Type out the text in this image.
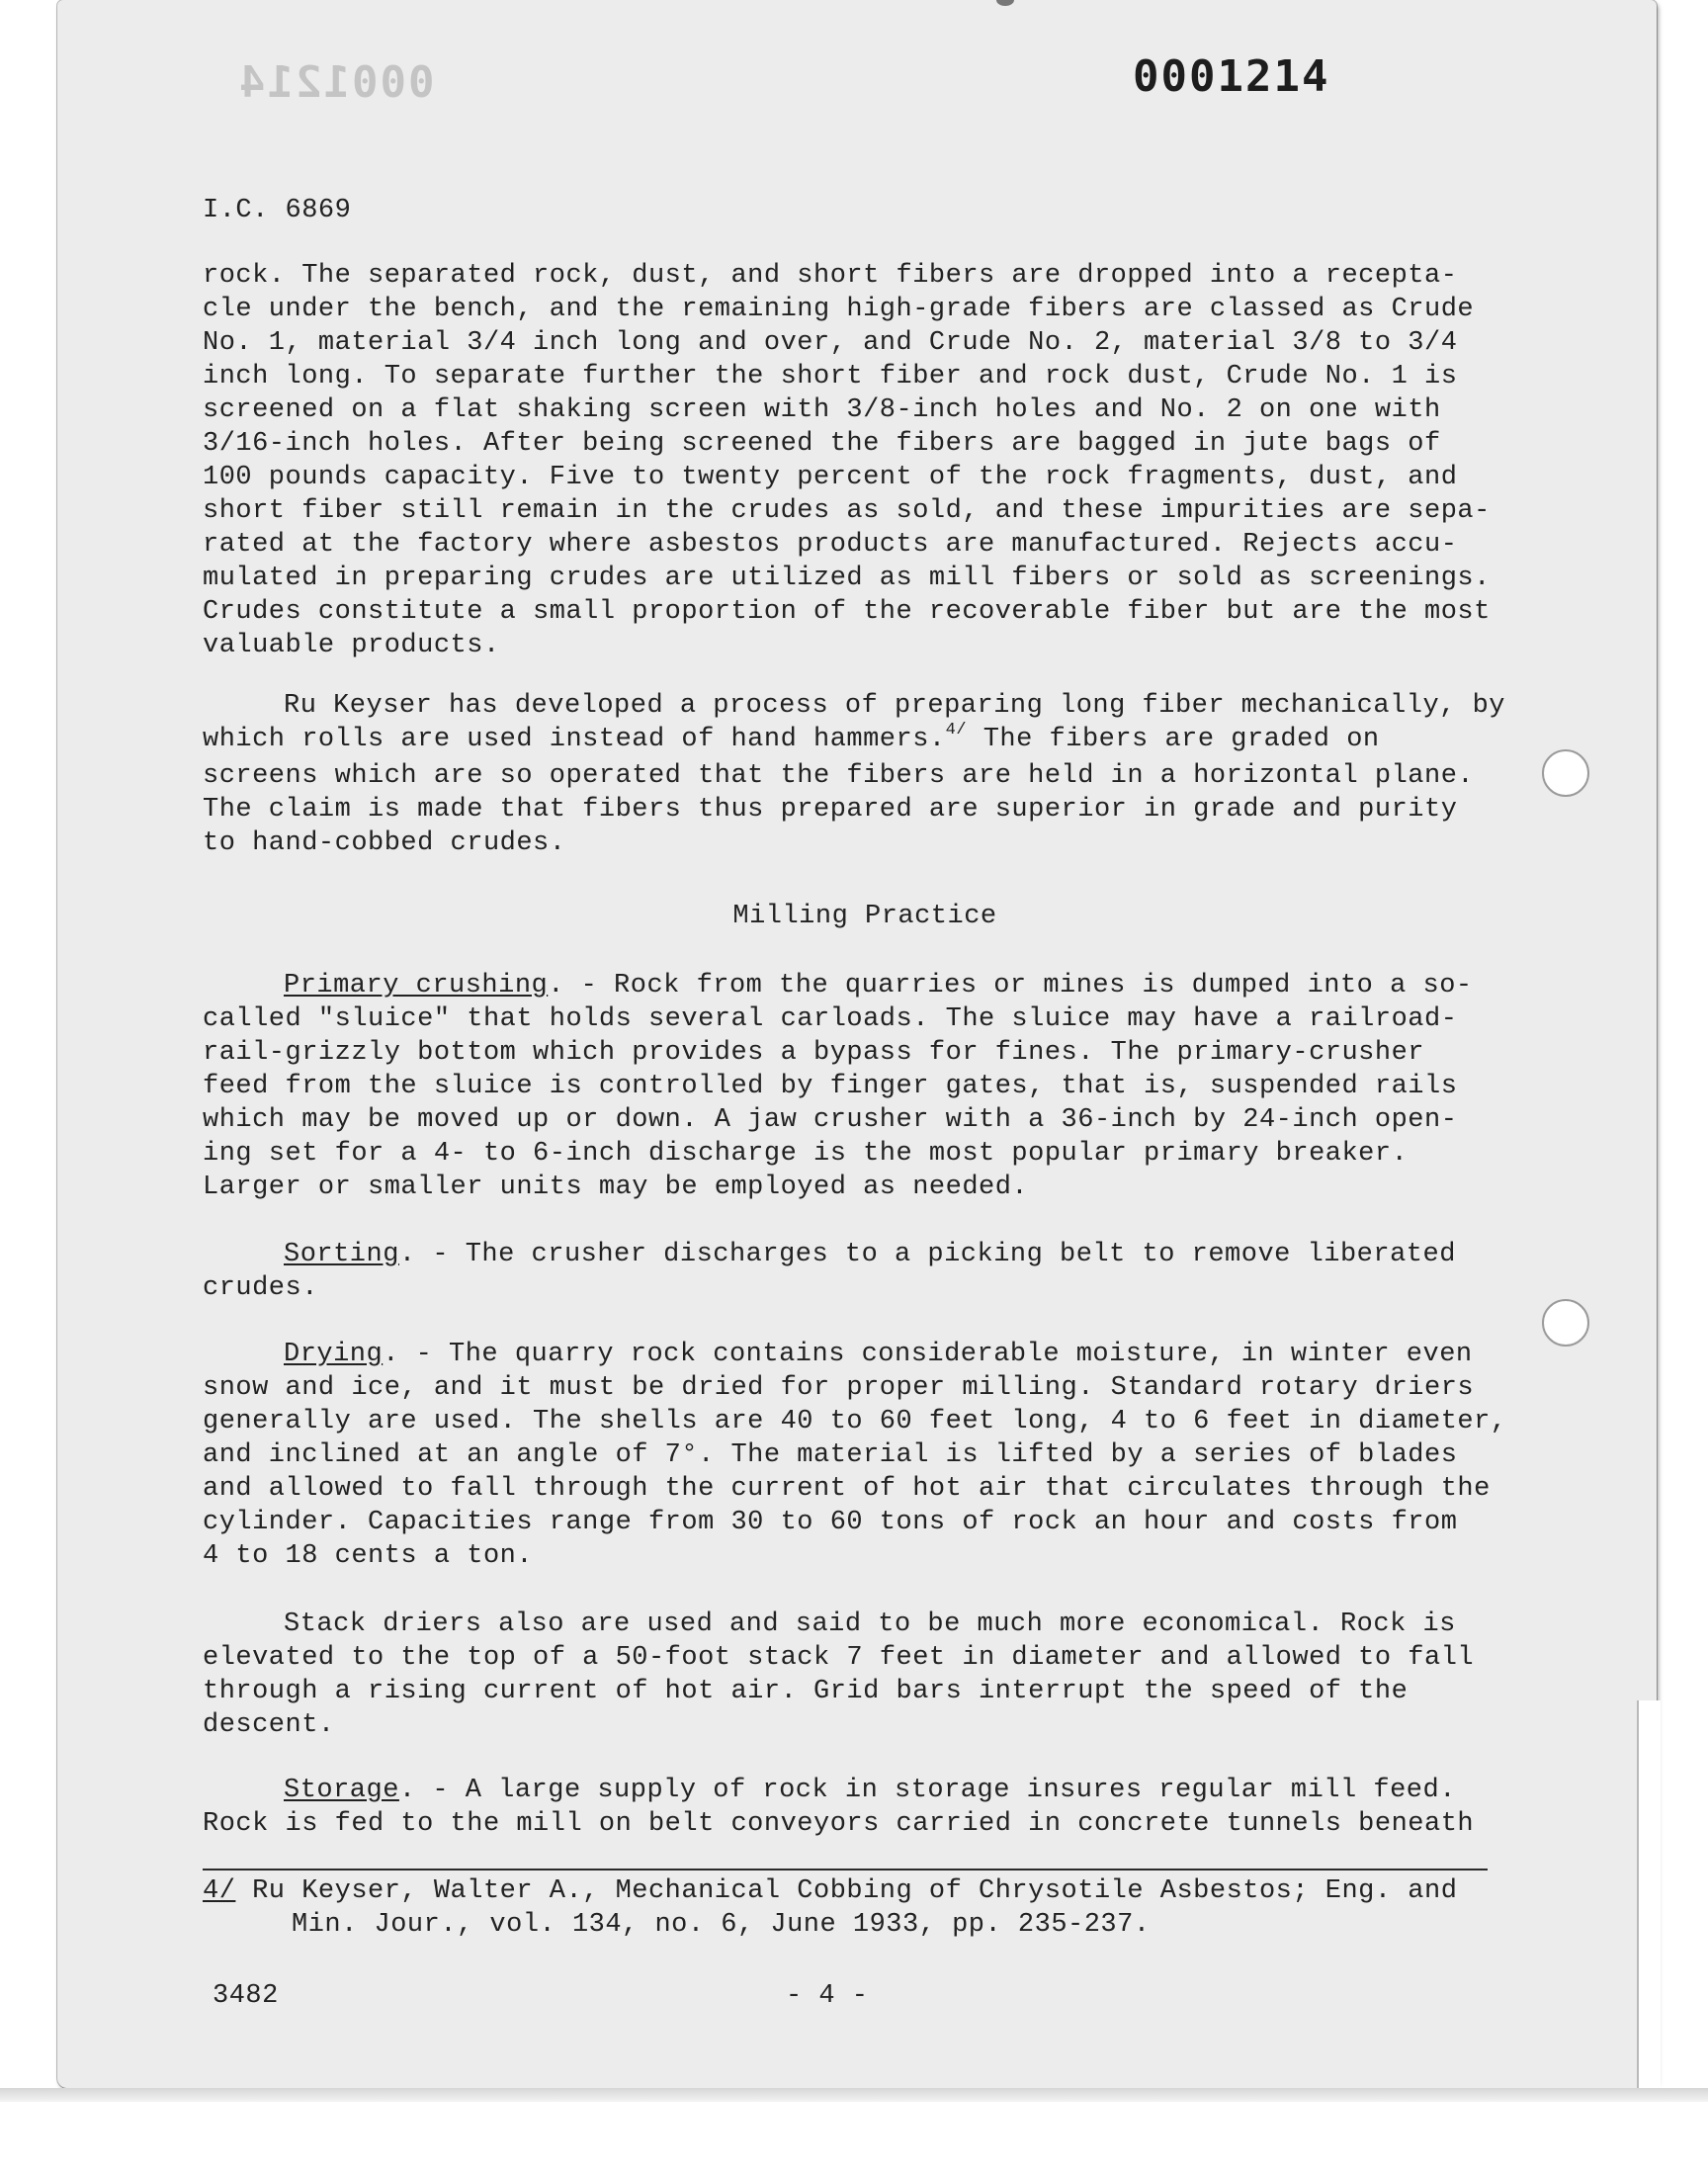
0001214	0001214
I.C. 6869
rock. The separated rock, dust, and short fibers are dropped into a recepta-
cle under the bench, and the remaining high-grade fibers are classed as Crude
No. 1, material 3/4 inch long and over, and Crude No. 2, material 3/8 to 3/4
inch long. To separate further the short fiber and rock dust, Crude No. 1 is
screened on a flat shaking screen with 3/8-inch holes and No. 2 on one with
3/16-inch holes. After being screened the fibers are bagged in jute bags of
100 pounds capacity. Five to twenty percent of the rock fragments, dust, and
short fiber still remain in the crudes as sold, and these impurities are sepa-
rated at the factory where asbestos products are manufactured. Rejects accu-
mulated in preparing crudes are utilized as mill fibers or sold as screenings.
Crudes constitute a small proportion of the recoverable fiber but are the most
valuable products.
Ru Keyser has developed a process of preparing long fiber mechanically, by
which rolls are used instead of hand hammers.$^{4/}$ The fibers are graded on
screens which are so operated that the fibers are held in a horizontal plane.
The claim is made that fibers thus prepared are superior in grade and purity
to hand-cobbed crudes.
Milling Practice
Primary crushing. - Rock from the quarries or mines is dumped into a so-
called "sluice" that holds several carloads. The sluice may have a railroad-
rail-grizzly bottom which provides a bypass for fines. The primary-crusher
feed from the sluice is controlled by finger gates, that is, suspended rails
which may be moved up or down. A jaw crusher with a 36-inch by 24-inch open-
ing set for a 4- to 6-inch discharge is the most popular primary breaker.
Larger or smaller units may be employed as needed.
Sorting. - The crusher discharges to a picking belt to remove liberated
crudes.
Drying. - The quarry rock contains considerable moisture, in winter even
snow and ice, and it must be dried for proper milling. Standard rotary driers
generally are used. The shells are 40 to 60 feet long, 4 to 6 feet in diameter,
and inclined at an angle of 7°. The material is lifted by a series of blades
and allowed to fall through the current of hot air that circulates through the
cylinder. Capacities range from 30 to 60 tons of rock an hour and costs from
4 to 18 cents a ton.
Stack driers also are used and said to be much more economical. Rock is
elevated to the top of a 50-foot stack 7 feet in diameter and allowed to fall
through a rising current of hot air. Grid bars interrupt the speed of the
descent.
Storage. - A large supply of rock in storage insures regular mill feed.
Rock is fed to the mill on belt conveyors carried in concrete tunnels beneath
4/ Ru Keyser, Walter A., Mechanical Cobbing of Chrysotile Asbestos; Eng. and
Min. Jour., vol. 134, no. 6, June 1933, pp. 235-237.
3482	- 4 -
